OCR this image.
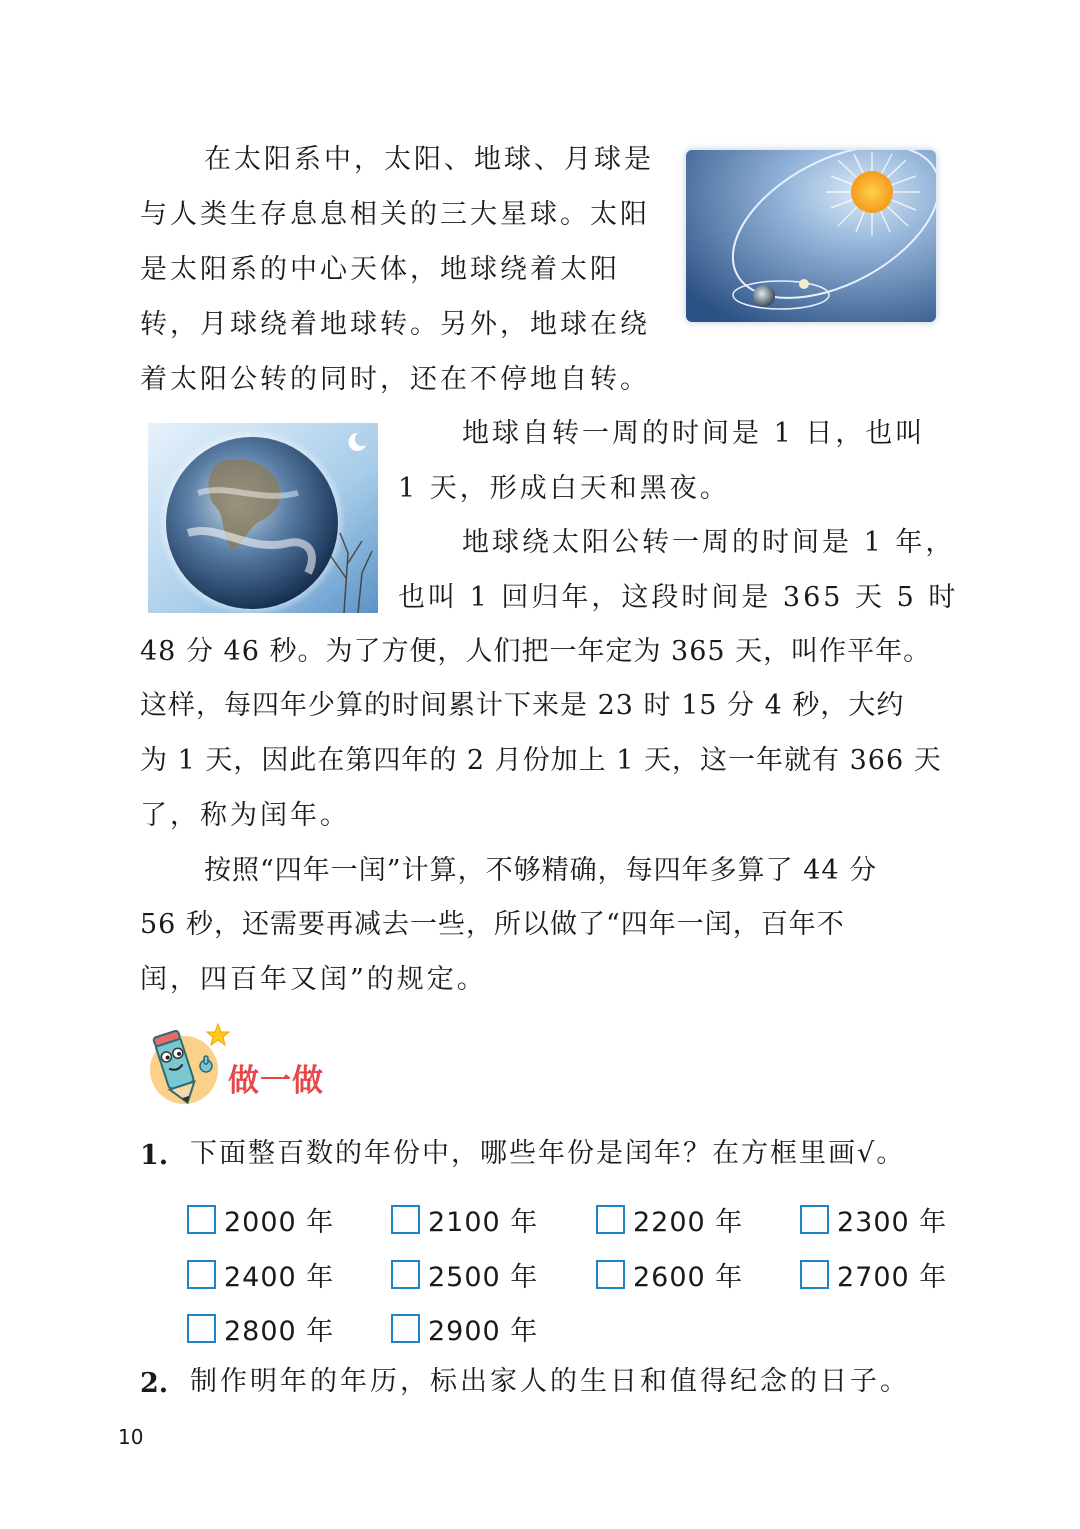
在太阳系中，太阳、地球、月球是
与人类生存息息相关的三大星球。太阳
是太阳系的中心天体，地球绕着太阳
转，月球绕着地球转。另外，地球在绕
着太阳公转的同时，还在不停地自转。
地球自转一周的时间是 1 日，也叫
1 天，形成白天和黑夜。
地球绕太阳公转一周的时间是 1 年，
也叫 1 回归年，这段时间是 365 天 5 时
48 分 46 秒。为了方便，人们把一年定为 365 天，叫作平年。
这样，每四年少算的时间累计下来是 23 时 15 分 4 秒，大约
为 1 天，因此在第四年的 2 月份加上 1 天，这一年就有 366 天
了，称为闰年。
按照“四年一闰”计算，不够精确，每四年多算了 44 分
56 秒，还需要再减去一些，所以做了“四年一闰，百年不
闰，四百年又闰”的规定。
做一做
1. 下面整百数的年份中，哪些年份是闰年？在方框里画√。
2000 年	2100 年	2200 年	2300 年
2400 年	2500 年	2600 年	2700 年
2800 年	2900 年
2. 制作明年的年历，标出家人的生日和值得纪念的日子。
10
